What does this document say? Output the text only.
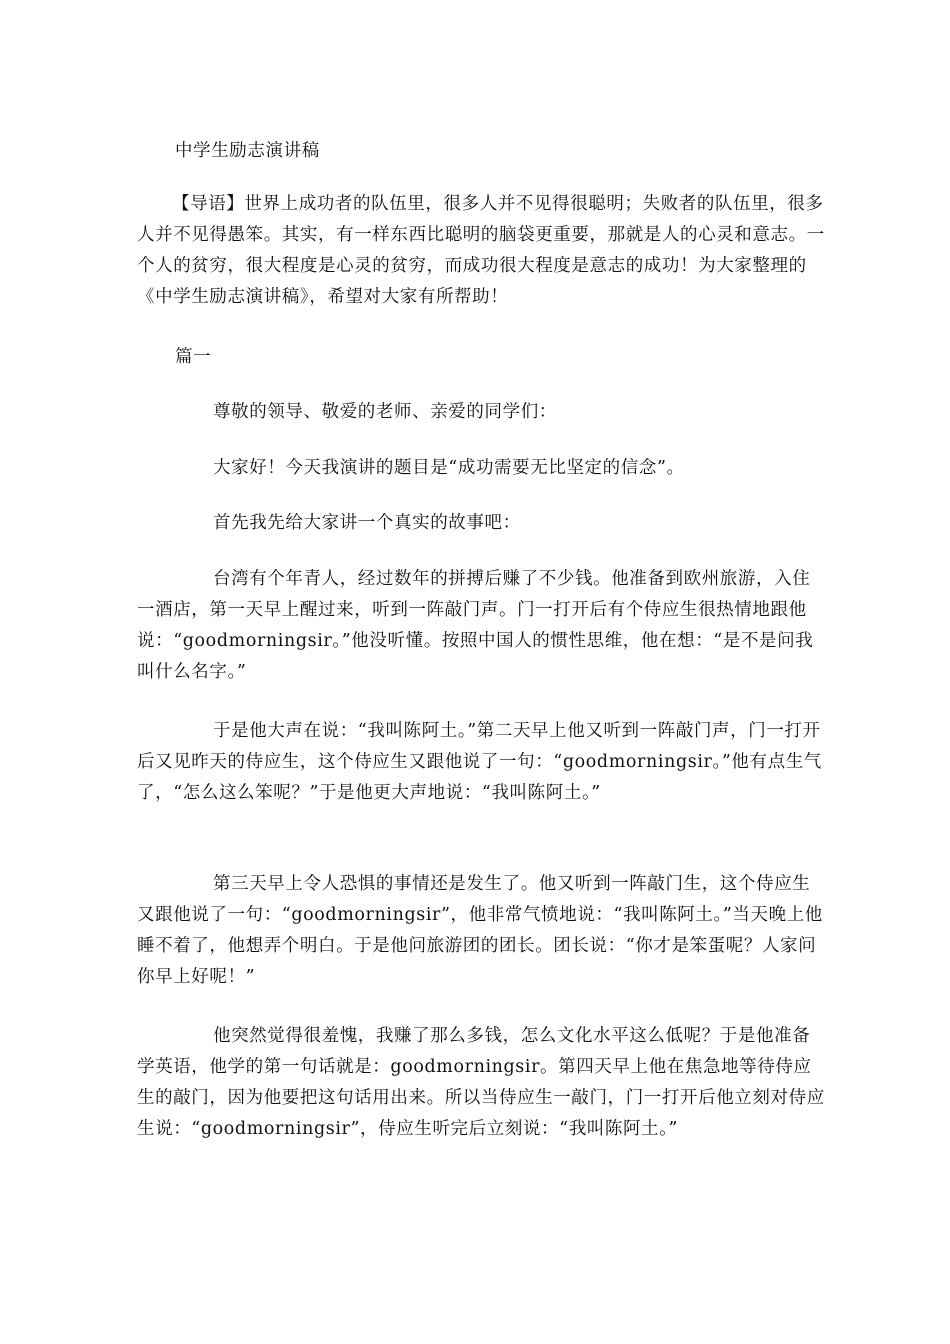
中学生励志演讲稿

【导语】世界上成功者的队伍里，很多人并不见得很聪明；失败者的队伍里，很多人并不见得愚笨。其实，有一样东西比聪明的脑袋更重要，那就是人的心灵和意志。一个人的贫穷，很大程度是心灵的贫穷，而成功很大程度是意志的成功！为大家整理的《中学生励志演讲稿》，希望对大家有所帮助！

篇一

尊敬的领导、敬爱的老师、亲爱的同学们：

大家好！今天我演讲的题目是“成功需要无比坚定的信念”。

首先我先给大家讲一个真实的故事吧：

台湾有个年青人，经过数年的拼搏后赚了不少钱。他准备到欧州旅游，入住一酒店，第一天早上醒过来，听到一阵敲门声。门一打开后有个侍应生很热情地跟他说：“goodmorningsir。”他没听懂。按照中国人的惯性思维，他在想：“是不是问我叫什么名字。”

于是他大声在说：“我叫陈阿土。”第二天早上他又听到一阵敲门声，门一打开后又见昨天的侍应生，这个侍应生又跟他说了一句：“goodmorningsir。”他有点生气了，“怎么这么笨呢？”于是他更大声地说：“我叫陈阿土。”

第三天早上令人恐惧的事情还是发生了。他又听到一阵敲门生，这个侍应生又跟他说了一句：“goodmorningsir”，他非常气愤地说：“我叫陈阿土。”当天晚上他睡不着了，他想弄个明白。于是他问旅游团的团长。团长说：“你才是笨蛋呢？人家问你早上好呢！”

他突然觉得很羞愧，我赚了那么多钱，怎么文化水平这么低呢？于是他准备学英语，他学的第一句话就是：goodmorningsir。第四天早上他在焦急地等待侍应生的敲门，因为他要把这句话用出来。所以当侍应生一敲门，门一打开后他立刻对侍应生说：“goodmorningsir”，侍应生听完后立刻说：“我叫陈阿土。”
